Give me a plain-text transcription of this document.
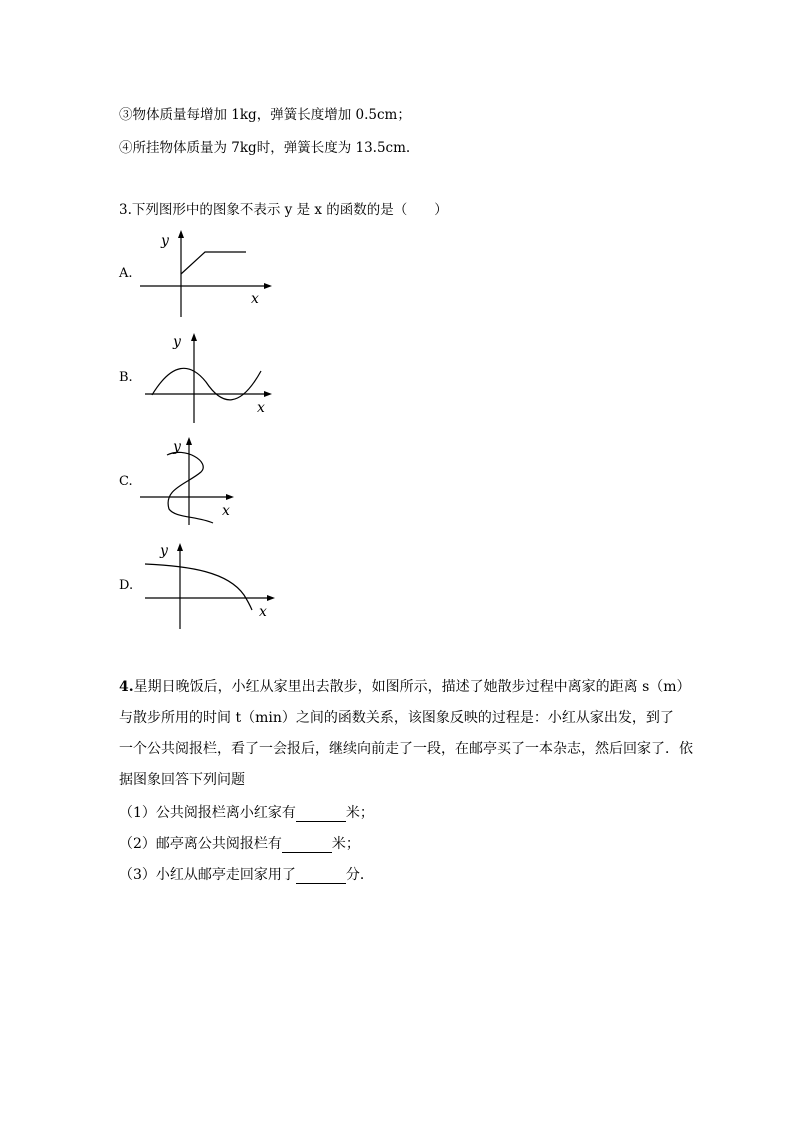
③物体质量每增加 1kg，弹簧长度增加 0.5cm；
④所挂物体质量为 7kg时，弹簧长度为 13.5cm.
3.下列图形中的图象不表示 y 是 x 的函数的是（　　）
A.
y
x
B.
y
x
C.
y
x
D.
y
x
4.星期日晚饭后，小红从家里出去散步，如图所示，描述了她散步过程中离家的距离 s（m）
与散步所用的时间 t（min）之间的函数关系，该图象反映的过程是：小红从家出发，到了
一个公共阅报栏，看了一会报后，继续向前走了一段，在邮亭买了一本杂志，然后回家了．依
据图象回答下列问题
（1）公共阅报栏离小红家有	米；
（2）邮亭离公共阅报栏有	米；
（3）小红从邮亭走回家用了	分．
